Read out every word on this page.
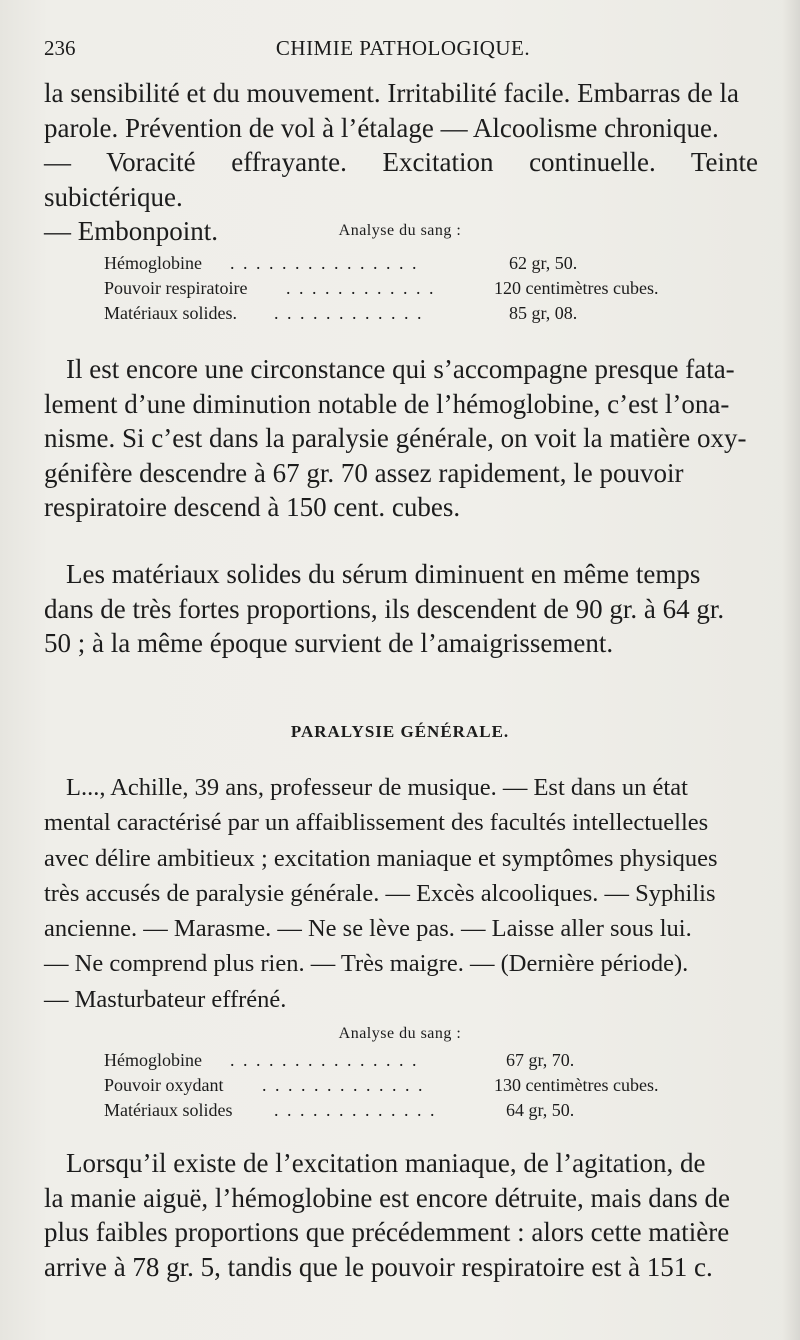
236	CHIMIE PATHOLOGIQUE.

la sensibilité et du mouvement. Irritabilité facile. Embarras de la

parole. Prévention de vol à l’étalage — Alcoolisme chronique.

— Voracité effrayante. Excitation continuelle. Teinte subictérique.

— Embonpoint.	Analyse du sang :
Hémoglobine . . . . . . . . . . . . . . .	62 gr, 50.
Pouvoir respiratoire . . . . . . . . . . . .	120 centimètres cubes.
Matériaux solides. . . . . . . . . . . . .	85 gr, 08.

Il est encore une circonstance qui s’accompagne presque fata-

lement d’une diminution notable de l’hémoglobine, c’est l’ona-

nisme. Si c’est dans la paralysie générale, on voit la matière oxy-

génifère descendre à 67 gr. 70 assez rapidement, le pouvoir

respiratoire descend à 150 cent. cubes.

Les matériaux solides du sérum diminuent en même temps

dans de très fortes proportions, ils descendent de 90 gr. à 64 gr.

50 ; à la même époque survient de l’amaigrissement.

PARALYSIE GÉNÉRALE.

L..., Achille, 39 ans, professeur de musique. — Est dans un état

mental caractérisé par un affaiblissement des facultés intellectuelles

avec délire ambitieux ; excitation maniaque et symptômes physiques

très accusés de paralysie générale. — Excès alcooliques. — Syphilis

ancienne. — Marasme. — Ne se lève pas. — Laisse aller sous lui.

— Ne comprend plus rien. — Très maigre. — (Dernière période).

— Masturbateur effréné.

Analyse du sang :
Hémoglobine . . . . . . . . . . . . . . .	67 gr, 70.
Pouvoir oxydant . . . . . . . . . . . . .	130 centimètres cubes.
Matériaux solides . . . . . . . . . . . . .	64 gr, 50.

Lorsqu’il existe de l’excitation maniaque, de l’agitation, de

la manie aiguë, l’hémoglobine est encore détruite, mais dans de

plus faibles proportions que précédemment : alors cette matière

arrive à 78 gr. 5, tandis que le pouvoir respiratoire est à 151 c.
